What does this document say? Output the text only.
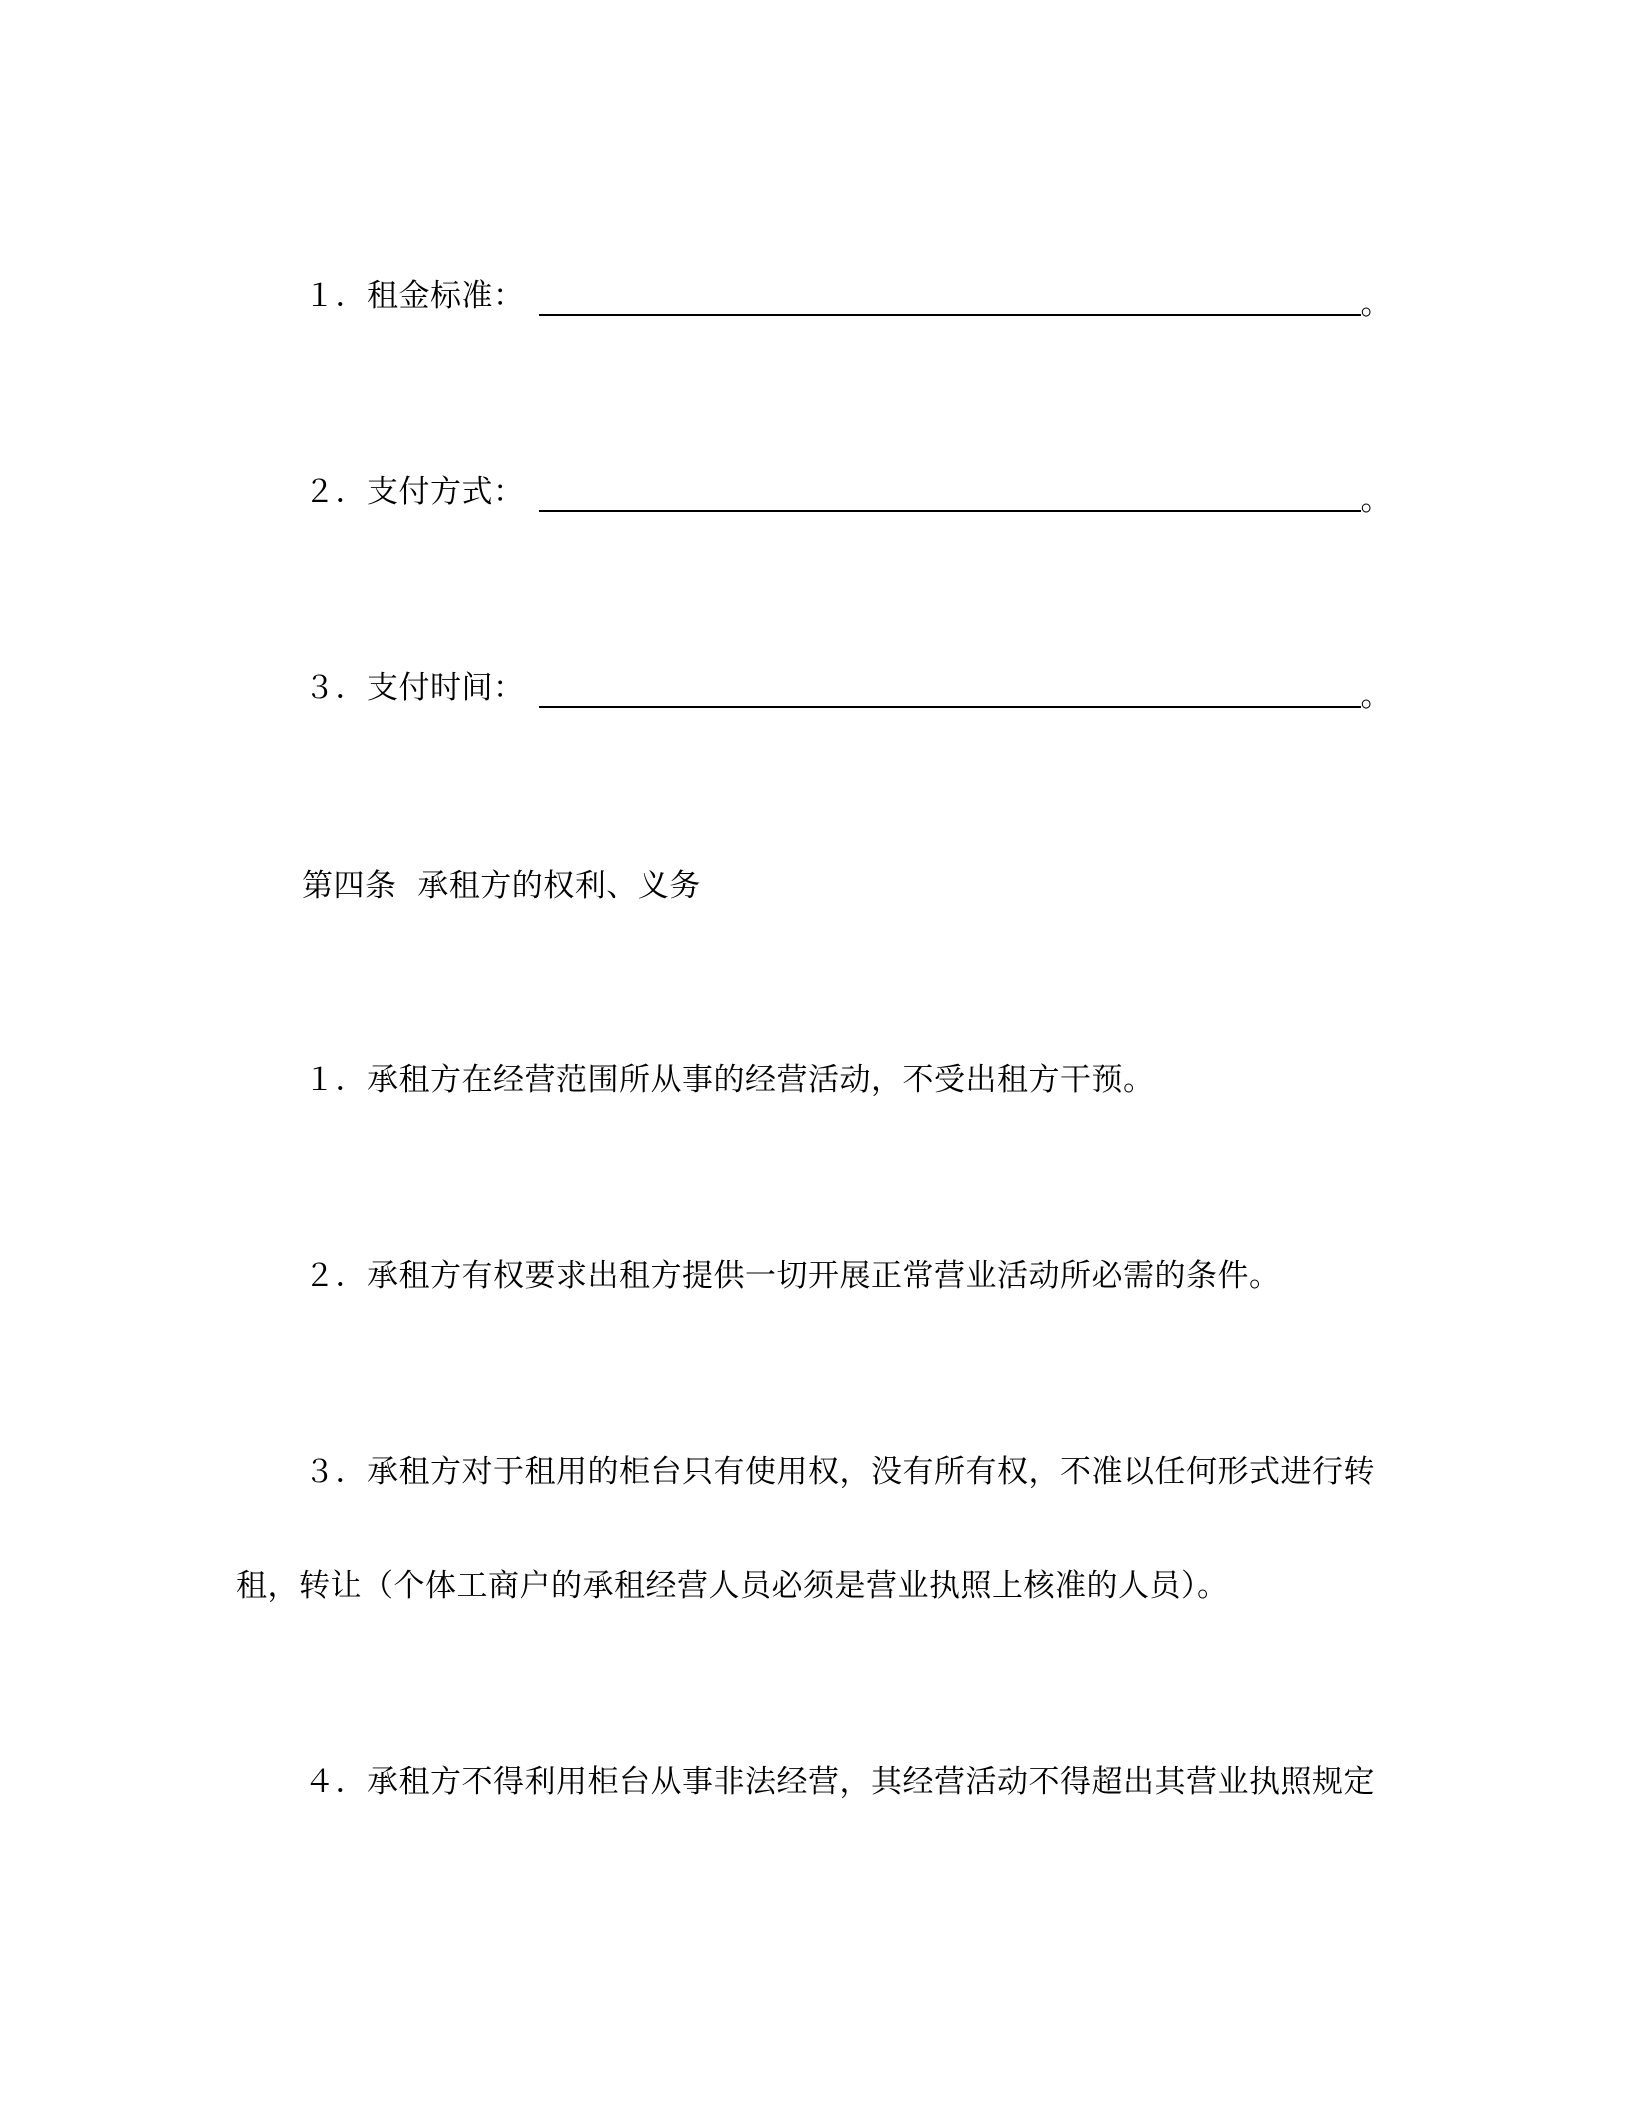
１．租金标准：	。
２．支付方式：	。
３．支付时间：	。
第四条  承租方的权利、义务
１．承租方在经营范围所从事的经营活动，不受出租方干预。
２．承租方有权要求出租方提供一切开展正常营业活动所必需的条件。
３．承租方对于租用的柜台只有使用权，没有所有权，不准以任何形式进行转
租，转让（个体工商户的承租经营人员必须是营业执照上核准的人员）。
４．承租方不得利用柜台从事非法经营，其经营活动不得超出其营业执照规定
